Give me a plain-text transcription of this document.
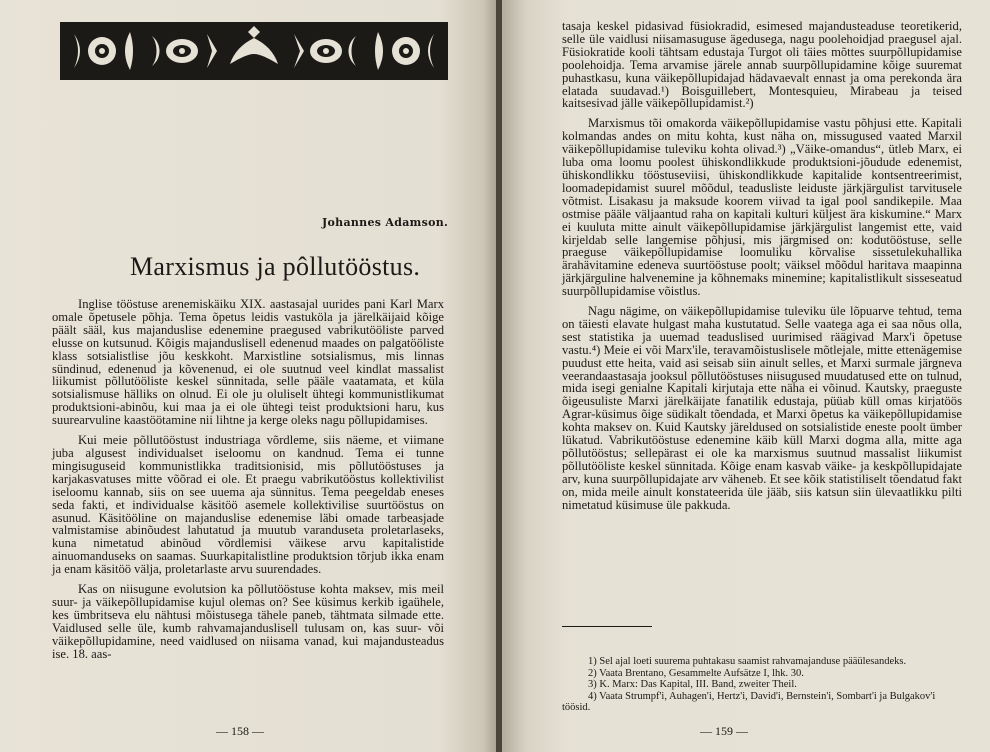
Johannes Adamson.
Marxismus ja pôllutööstus.

Inglise tööstuse arenemiskäiku XIX. aastasajal uurides pani Karl Marx omale õpetusele põhja. Tema õpetus leidis vastuköla ja järelkäijaid kõige päält sääl, kus majanduslise edenemine praegused vabrikutööliste parved elusse on kutsunud. Kõigis majanduslisell edenenud maades on palgatööliste klass sotsialistlise jõu keskkoht. Marxistline sotsialismus, mis linnas sündinud, edenenud ja kõvenenud, ei ole suutnud veel kindlat massalist liikumist põllutööliste keskel sünnitada, selle pääle vaatamata, et küla sotsialismuse hälliks on olnud. Ei ole ju oluliselt ühtegi kommunistlikumat produktsioni-abinõu, kui maa ja ei ole ühtegi teist produktsioni haru, kus suurearvuline kaastöötamine nii lihtne ja kerge oleks nagu põllupidamises.

Kui meie põllutööstust industriaga võrdleme, siis näeme, et viimane juba algusest individualset iseloomu on kandnud. Tema ei tunne mingisuguseid kommunistlikka traditsionisid, mis põllutööstuses ja karjakasvatuses mitte võõrad ei ole. Et praegu vabrikutööstus kollektivilist iseloomu kannab, siis on see uuema aja sünnitus. Tema peegeldab eneses seda fakti, et individualse käsitöö asemele kollektivilise suurtööstus on asunud. Käsitööline on majanduslise edenemise läbi omade tarbeasjade valmistamise abinõudest lahutatud ja muutub varanduseta proletarlaseks, kuna nimetatud abinõud võrdlemisi väikese arvu kapitalistide ainuomanduseks on saamas. Suurkapitalistline produktsion tõrjub ikka enam ja enam käsitöö välja, proletarlaste arvu suurendades.

Kas on niisugune evolutsion ka põllutööstuse kohta maksev, mis meil suur- ja väikepõllupidamise kujul olemas on? See küsimus kerkib igaühele, kes ümbritseva elu nähtusi mõistusega tähele paneb, tähtmata silmade ette. Vaidlused selle üle, kumb rahvamajanduslisell tulusam on, kas suur- või väikepõllupidamine, need vaidlused on niisama vanad, kui majandusteadus ise. 18. aas-

— 158 —

tasaja keskel pidasivad füsiokradid, esimesed majandusteaduse teoretikerid, selle üle vaidlusi niisamasuguse ägedusega, nagu poolehoidjad praegusel ajal. Füsiokratide kooli tähtsam edustaja Turgot oli täies mõttes suurpõllupidamise poolehoidja. Tema arvamise järele annab suurpõllupidamine kõige suuremat puhastkasu, kuna väikepõllupidajad hädavaevalt ennast ja oma perekonda ära elatada suudavad.¹) Boisguillebert, Montesquieu, Mirabeau ja teised kaitsesivad jälle väikepõllupidamist.²)

Marxismus tõi omakorda väikepõllupidamise vastu põhjusi ette. Kapitali kolmandas andes on mitu kohta, kust näha on, missugused vaated Marxil väikepõllupidamise tuleviku kohta olivad.³) „Väike-omandus“, ütleb Marx, ei luba oma loomu poolest ühiskondlikkude produktsioni-jõudude edenemist, ühiskondlikku tööstuseviisi, ühiskondlikkude kapitalide kontsentreerimist, loomadepidamist suurel mõõdul, teadusliste leiduste järkjärgulist tarvitusele võtmist. Lisakasu ja maksude koorem viivad ta igal pool sandikepile. Maa ostmise pääle väljaantud raha on kapitali kulturi küljest ära kiskumine.“ Marx ei kuuluta mitte ainult väikepõllupidamise järkjärgulist langemist ette, vaid kirjeldab selle langemise põhjusi, mis järgmised on: kodutööstuse, selle praeguse väikepõllupidamise loomuliku kõrvalise sissetulekuhallika ärahävitamine edeneva suurtööstuse poolt; väiksel mõõdul haritava maapinna järkjärguline halvenemine ja kõhnemaks minemine; kapitalistlikult sisseseatud suurpõllupidamise võistlus.

Nagu nägime, on väikepõllupidamise tuleviku üle lõpuarve tehtud, tema on täiesti elavate hulgast maha kustutatud. Selle vaatega aga ei saa nõus olla, sest statistika ja uuemad teaduslised uurimised räägivad Marx'i õpetuse vastu.⁴) Meie ei või Marx'ile, teravamõistuslisele mõtlejale, mitte ettenägemise puudust ette heita, vaid asi seisab siin ainult selles, et Marxi surmale järgneva veerandaastasaja jooksul põllutööstuses niisugused muudatused ette on tulnud, mida isegi genialne Kapitali kirjutaja ette näha ei võinud. Kautsky, praeguste õigeusuliste Marxi järelkäijate fanatilik edustaja, püüab küll omas kirjatöös Agrar-küsimus õige südikalt tõendada, et Marxi õpetus ka väikepõllupidamise kohta maksev on. Kuid Kautsky järeldused on sotsialistide eneste poolt ümber lükatud. Vabrikutööstuse edenemine käib küll Marxi dogma alla, mitte aga põllutööstus; sellepärast ei ole ka marxismus suutnud massalist liikumist põllutööliste keskel sünnitada. Kõige enam kasvab väike- ja keskpõllupidajate arv, kuna suurpõllupidajate arv väheneb. Et see kõik statistiliselt tõendatud fakt on, mida meile ainult konstateerida üle jääb, siis katsun siin ülevaatlikku pilti nimetatud küsimuse üle pakkuda.

1) Sel ajal loeti suurema puhtakasu saamist rahvamajanduse pääülesandeks.
2) Vaata Brentano, Gesammelte Aufsätze I, lhk. 30.
3) K. Marx: Das Kapital, III. Band, zweiter Theil.
4) Vaata Strumpf'i, Auhagen'i, Hertz'i, David'i, Bernstein'i, Sombart'i ja Bulgakov'i töösid.
— 159 —
